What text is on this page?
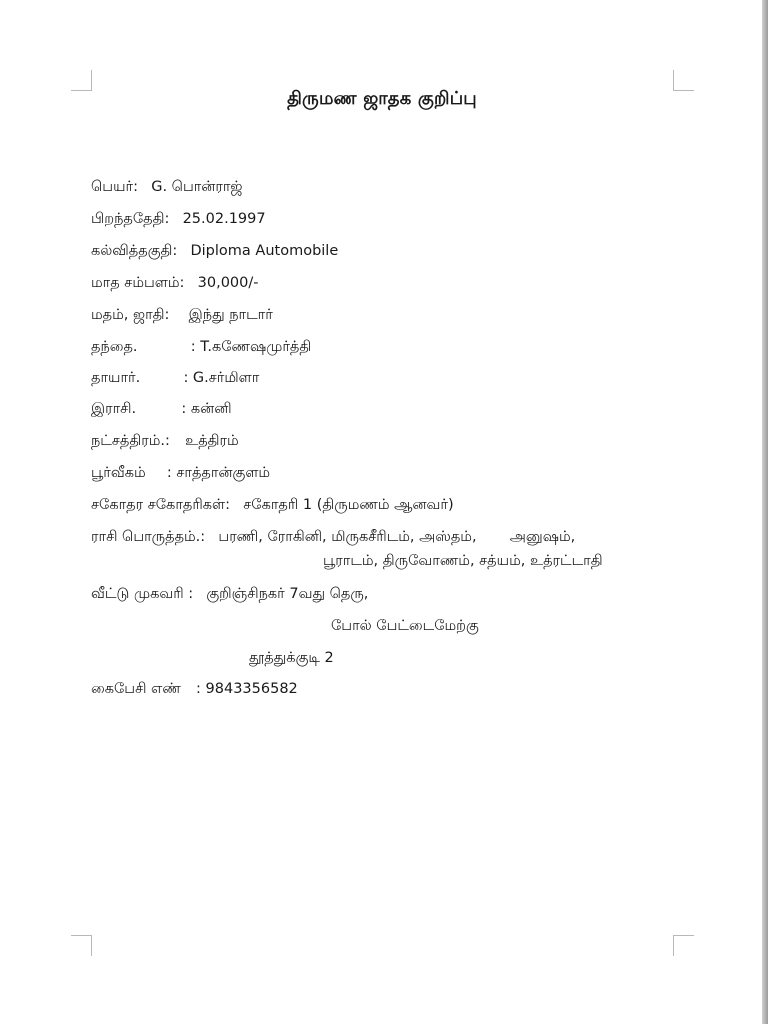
திருமண ஜாதக குறிப்பு
பெயர்: G. பொன்ராஜ்
பிறந்ததேதி: 25.02.1997
கல்வித்தகுதி: Diploma Automobile
மாத சம்பளம்: 30,000/-
மதம், ஜாதி: இந்து நாடார்
தந்தை.	: T.கணேஷமுர்த்தி
தாயார்.	: G.சர்மிளா
இராசி.	: கன்னி
நட்சத்திரம்.: உத்திரம்
பூர்வீகம் : சாத்தான்குளம்
சகோதர சகோதரிகள்: சகோதரி 1 (திருமணம் ஆனவர்)
ராசி பொருத்தம்.: பரணி, ரோகினி, மிருகசீரிடம், அஸ்தம், அனுஷம்,
பூராடம், திருவோணம், சத்யம், உத்ரட்டாதி
வீட்டு முகவரி : குறிஞ்சிநகர் 7வது தெரு,
போல் பேட்டைமேற்கு
தூத்துக்குடி 2
கைபேசி எண் : 9843356582
